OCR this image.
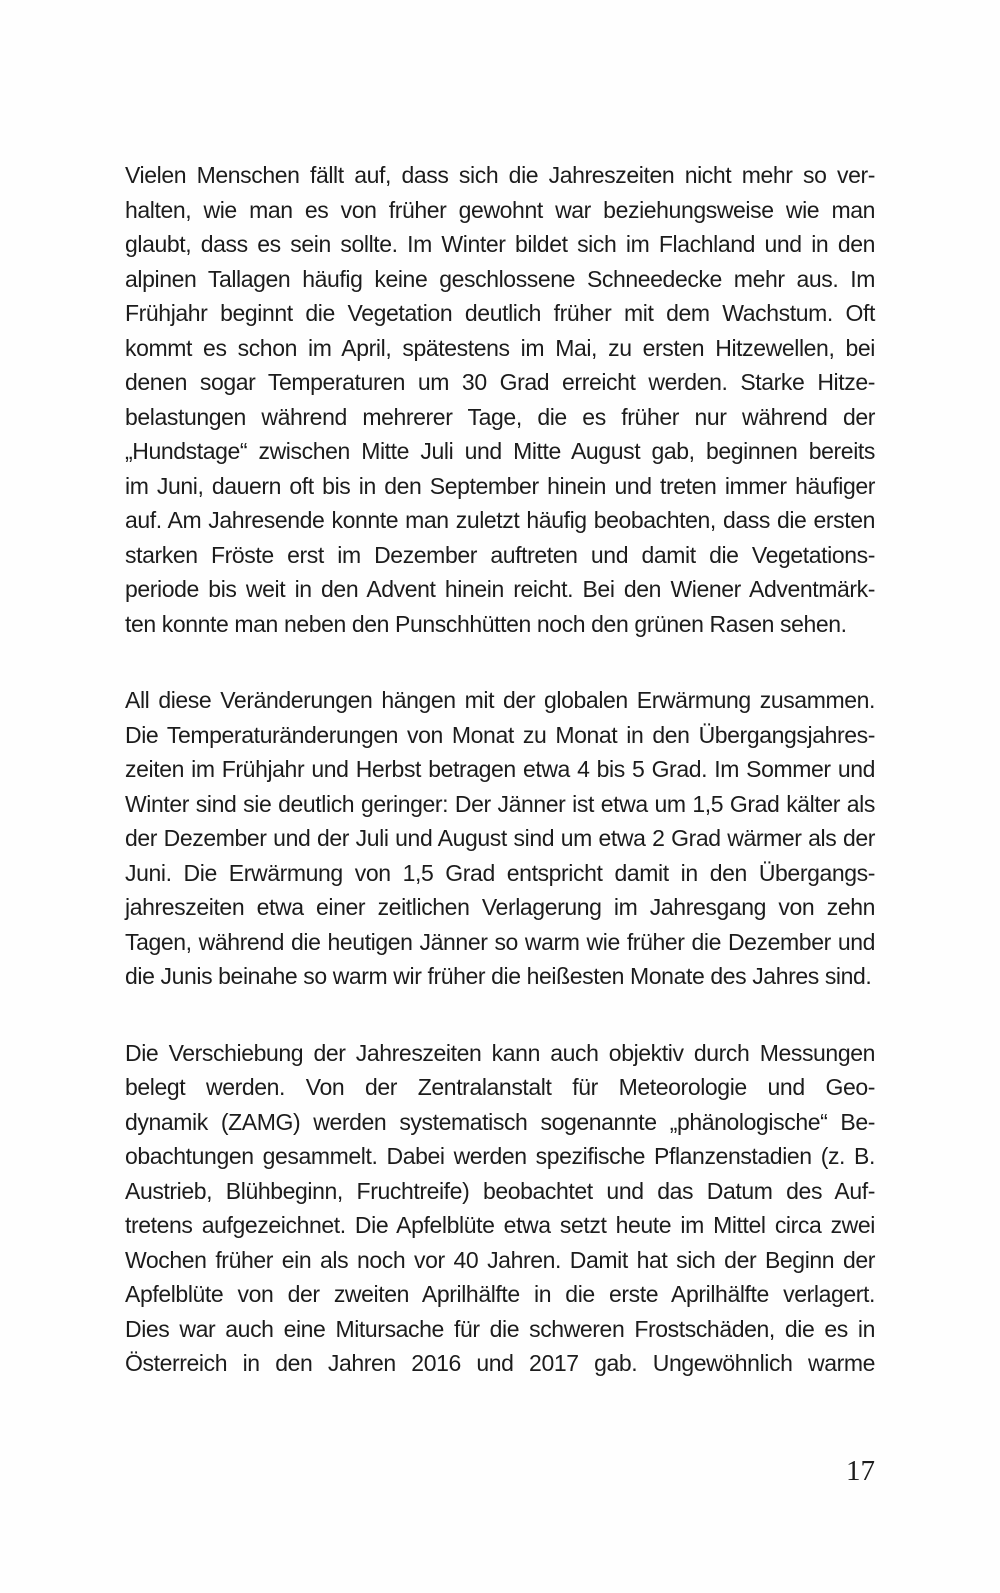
Vielen Menschen fällt auf, dass sich die Jahreszeiten nicht mehr so ver-
halten, wie man es von früher gewohnt war beziehungsweise wie man
glaubt, dass es sein sollte. Im Winter bildet sich im Flachland und in den
alpinen Tallagen häufig keine geschlossene Schneedecke mehr aus. Im
Frühjahr beginnt die Vegetation deutlich früher mit dem Wachstum. Oft
kommt es schon im April, spätestens im Mai, zu ersten Hitzewellen, bei
denen sogar Temperaturen um 30 Grad erreicht werden. Starke Hitze-
belastungen während mehrerer Tage, die es früher nur während der
„Hundstage“ zwischen Mitte Juli und Mitte August gab, beginnen bereits
im Juni, dauern oft bis in den September hinein und treten immer häufiger
auf. Am Jahresende konnte man zuletzt häufig beobachten, dass die ersten
starken Fröste erst im Dezember auftreten und damit die Vegetations-
periode bis weit in den Advent hinein reicht. Bei den Wiener Adventmärk-
ten konnte man neben den Punschhütten noch den grünen Rasen sehen.
All diese Veränderungen hängen mit der globalen Erwärmung zusammen.
Die Temperaturänderungen von Monat zu Monat in den Übergangsjahres-
zeiten im Frühjahr und Herbst betragen etwa 4 bis 5 Grad. Im Sommer und
Winter sind sie deutlich geringer: Der Jänner ist etwa um 1,5 Grad kälter als
der Dezember und der Juli und August sind um etwa 2 Grad wärmer als der
Juni. Die Erwärmung von 1,5 Grad entspricht damit in den Übergangs-
jahreszeiten etwa einer zeitlichen Verlagerung im Jahresgang von zehn
Tagen, während die heutigen Jänner so warm wie früher die Dezember und
die Junis beinahe so warm wir früher die heißesten Monate des Jahres sind.
Die Verschiebung der Jahreszeiten kann auch objektiv durch Messungen
belegt werden. Von der Zentralanstalt für Meteorologie und Geo-
dynamik (ZAMG) werden systematisch sogenannte „phänologische“ Be-
obachtungen gesammelt. Dabei werden spezifische Pflanzenstadien (z. B.
Austrieb, Blühbeginn, Fruchtreife) beobachtet und das Datum des Auf-
tretens aufgezeichnet. Die Apfelblüte etwa setzt heute im Mittel circa zwei
Wochen früher ein als noch vor 40 Jahren. Damit hat sich der Beginn der
Apfelblüte von der zweiten Aprilhälfte in die erste Aprilhälfte verlagert.
Dies war auch eine Mitursache für die schweren Frostschäden, die es in
Österreich in den Jahren 2016 und 2017 gab. Ungewöhnlich warme
17
